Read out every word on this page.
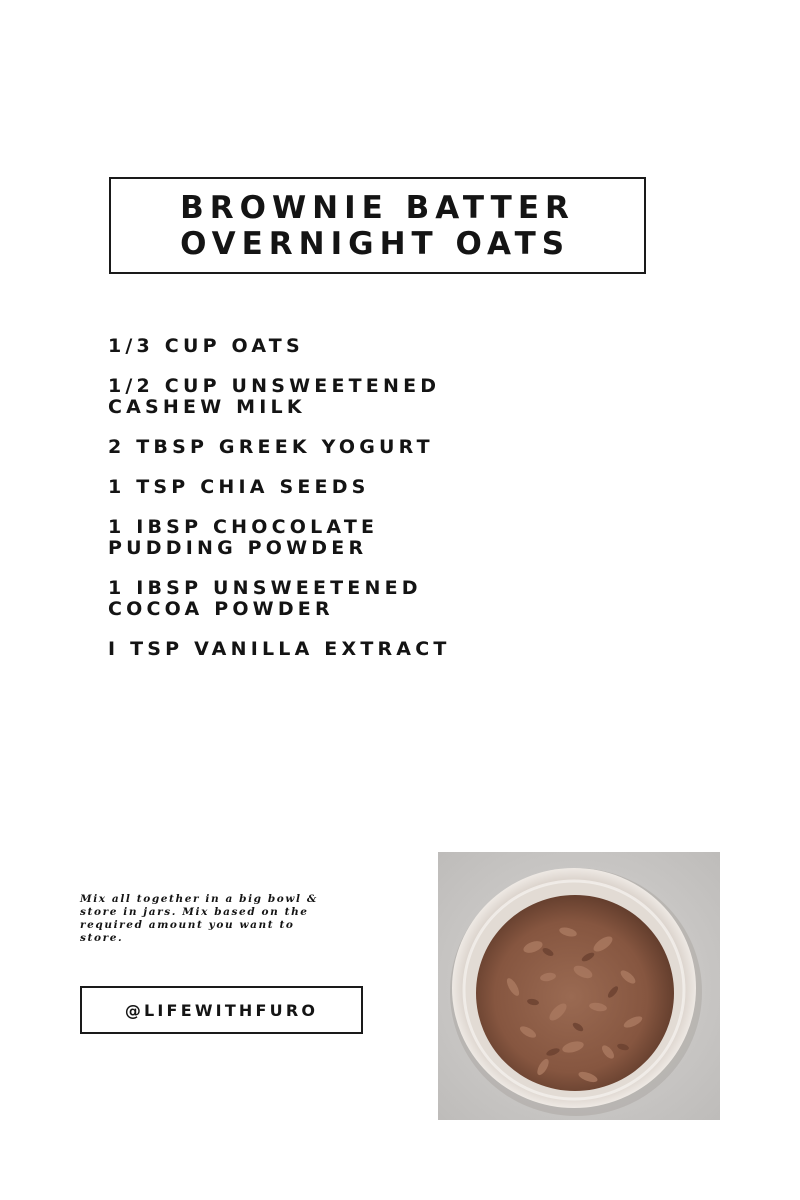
BROWNIE BATTER
OVERNIGHT OATS
1/3 CUP OATS
1/2 CUP UNSWEETENED
CASHEW MILK
2 TBSP GREEK YOGURT
1 TSP CHIA SEEDS
1 IBSP CHOCOLATE
PUDDING POWDER
1 IBSP UNSWEETENED
COCOA POWDER
I TSP VANILLA EXTRACT

Mix all together in a big bowl & store in jars. Mix based on the required amount you want to store.

@LIFEWITHFURO
